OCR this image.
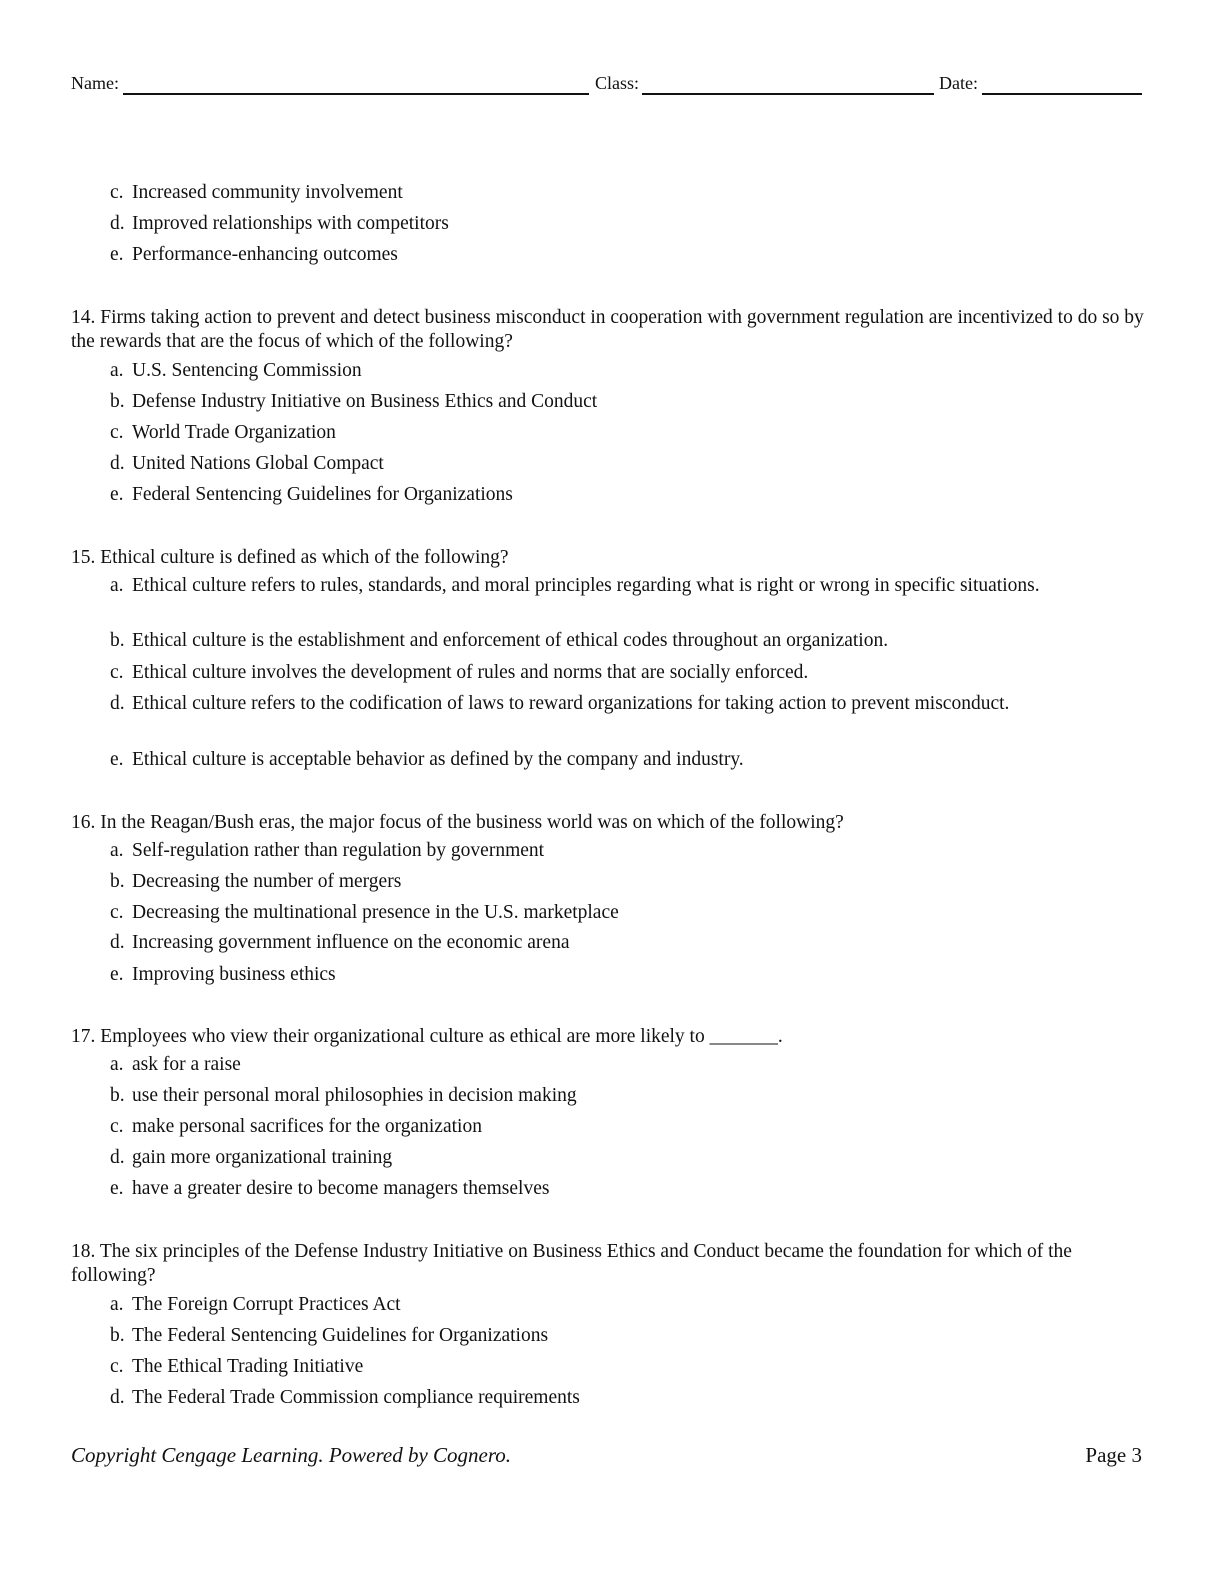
Name:	Class:	Date:
c. Increased community involvement
d. Improved relationships with competitors
e. Performance-enhancing outcomes
14. Firms taking action to prevent and detect business misconduct in cooperation with government regulation are incentivized to do so by the rewards that are the focus of which of the following?
a. U.S. Sentencing Commission
b. Defense Industry Initiative on Business Ethics and Conduct
c. World Trade Organization
d. United Nations Global Compact
e. Federal Sentencing Guidelines for Organizations
15. Ethical culture is defined as which of the following?
a. Ethical culture refers to rules, standards, and moral principles regarding what is right or wrong in specific situations.
b. Ethical culture is the establishment and enforcement of ethical codes throughout an organization.
c. Ethical culture involves the development of rules and norms that are socially enforced.
d. Ethical culture refers to the codification of laws to reward organizations for taking action to prevent misconduct.
e. Ethical culture is acceptable behavior as defined by the company and industry.
16. In the Reagan/Bush eras, the major focus of the business world was on which of the following?
a. Self-regulation rather than regulation by government
b. Decreasing the number of mergers
c. Decreasing the multinational presence in the U.S. marketplace
d. Increasing government influence on the economic arena
e. Improving business ethics
17. Employees who view their organizational culture as ethical are more likely to _______.
a. ask for a raise
b. use their personal moral philosophies in decision making
c. make personal sacrifices for the organization
d. gain more organizational training
e. have a greater desire to become managers themselves
18. The six principles of the Defense Industry Initiative on Business Ethics and Conduct became the foundation for which of the following?
a. The Foreign Corrupt Practices Act
b. The Federal Sentencing Guidelines for Organizations
c. The Ethical Trading Initiative
d. The Federal Trade Commission compliance requirements
Copyright Cengage Learning. Powered by Cognero.	Page 3
